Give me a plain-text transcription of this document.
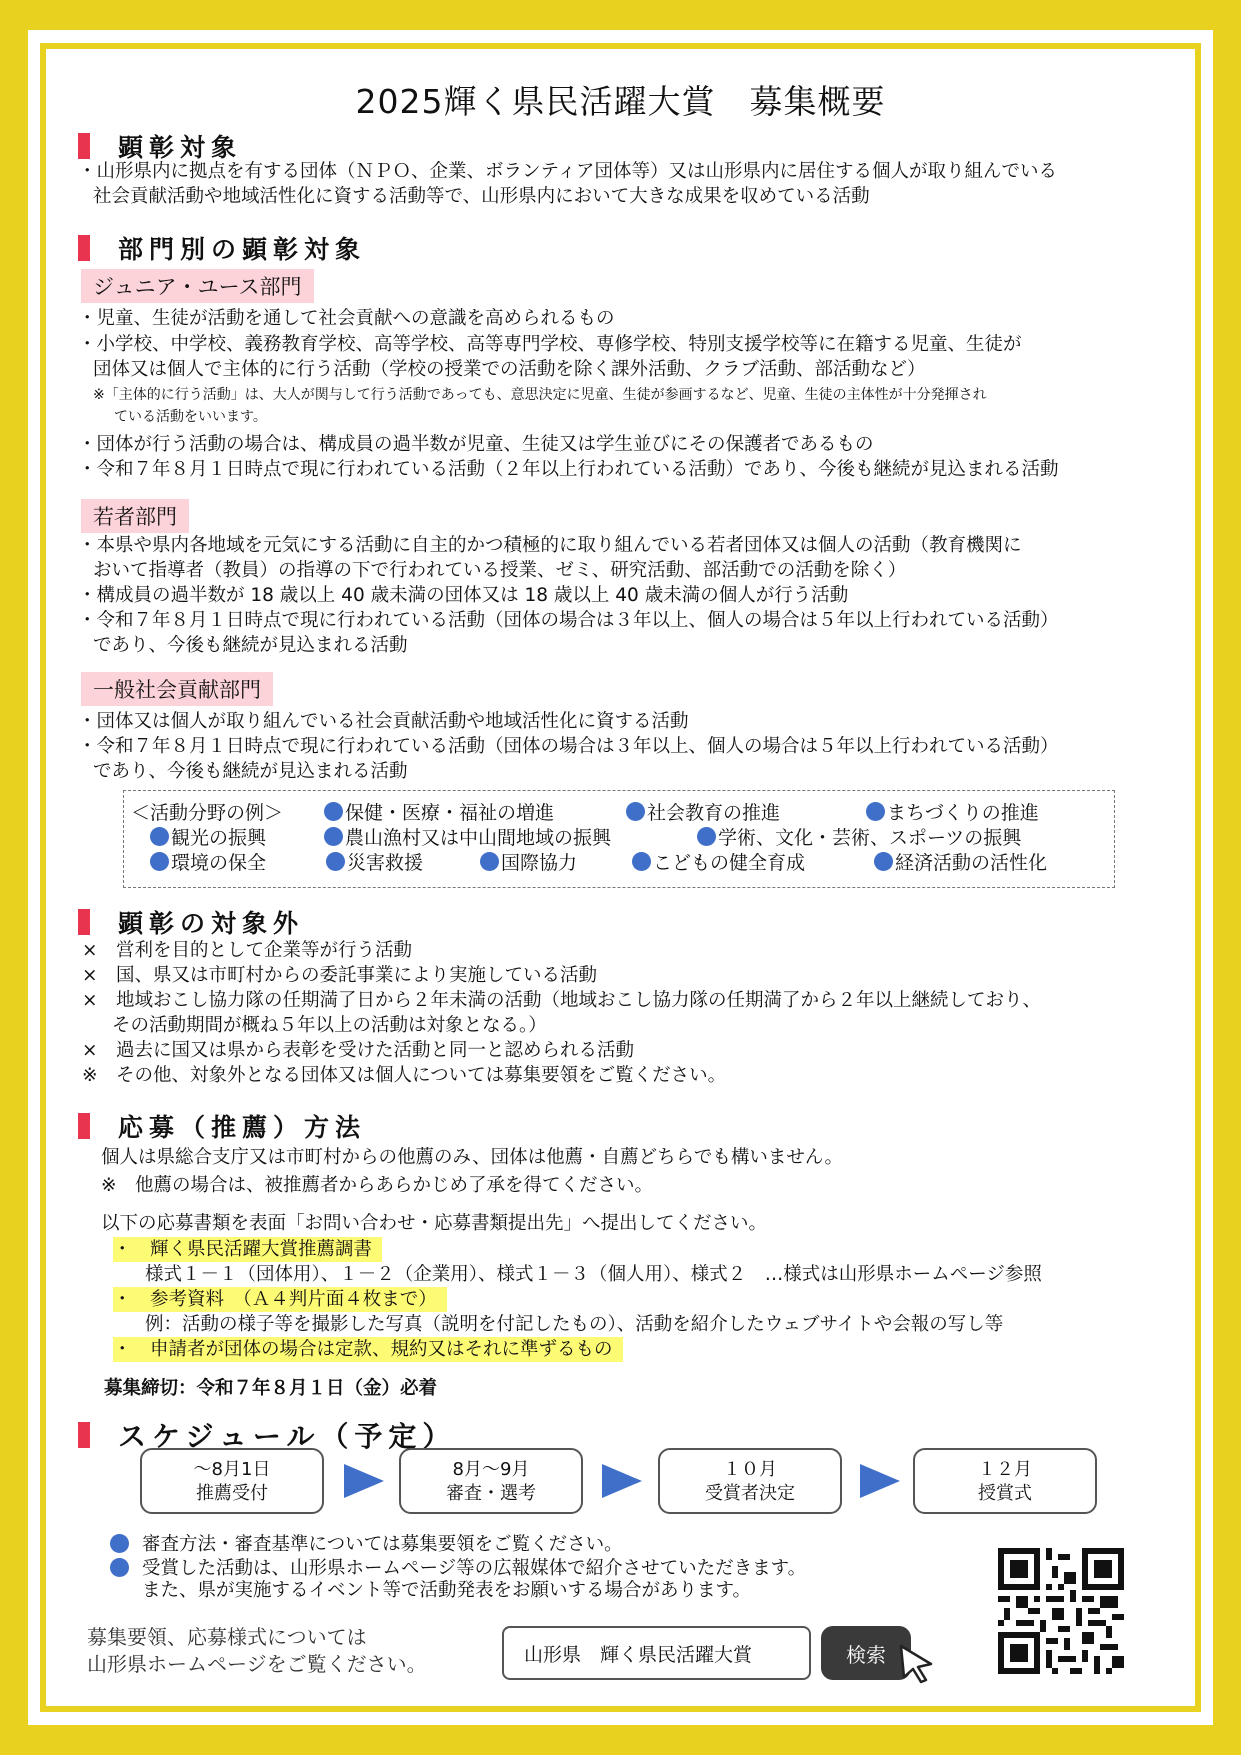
2025輝く県民活躍大賞　募集概要
顕彰対象
・山形県内に拠点を有する団体（ＮＰＯ、企業、ボランティア団体等）又は山形県内に居住する個人が取り組んでいる
社会貢献活動や地域活性化に資する活動等で、山形県内において大きな成果を収めている活動
部門別の顕彰対象
ジュニア・ユース部門
・児童、生徒が活動を通して社会貢献への意識を高められるもの
・小学校、中学校、義務教育学校、高等学校、高等専門学校、専修学校、特別支援学校等に在籍する児童、生徒が
団体又は個人で主体的に行う活動（学校の授業での活動を除く課外活動、クラブ活動、部活動など）
※「主体的に行う活動」は、大人が関与して行う活動であっても、意思決定に児童、生徒が参画するなど、児童、生徒の主体性が十分発揮され
ている活動をいいます。
・団体が行う活動の場合は、構成員の過半数が児童、生徒又は学生並びにその保護者であるもの
・令和７年８月１日時点で現に行われている活動（２年以上行われている活動）であり、今後も継続が見込まれる活動
若者部門
・本県や県内各地域を元気にする活動に自主的かつ積極的に取り組んでいる若者団体又は個人の活動（教育機関に
おいて指導者（教員）の指導の下で行われている授業、ゼミ、研究活動、部活動での活動を除く）
・構成員の過半数が 18 歳以上 40 歳未満の団体又は 18 歳以上 40 歳未満の個人が行う活動
・令和７年８月１日時点で現に行われている活動（団体の場合は３年以上、個人の場合は５年以上行われている活動）
であり、今後も継続が見込まれる活動
一般社会貢献部門
・団体又は個人が取り組んでいる社会貢献活動や地域活性化に資する活動
・令和７年８月１日時点で現に行われている活動（団体の場合は３年以上、個人の場合は５年以上行われている活動）
であり、今後も継続が見込まれる活動
＜活動分野の例＞	保健・医療・福祉の増進	社会教育の推進	まちづくりの推進
観光の振興	農山漁村又は中山間地域の振興	学術、文化・芸術、スポーツの振興
環境の保全	災害救援	国際協力	こどもの健全育成	経済活動の活性化
顕彰の対象外
×　営利を目的として企業等が行う活動
×　国、県又は市町村からの委託事業により実施している活動
×　地域おこし協力隊の任期満了日から２年未満の活動（地域おこし協力隊の任期満了から２年以上継続しており、
その活動期間が概ね５年以上の活動は対象となる。）
×　過去に国又は県から表彰を受けた活動と同一と認められる活動
※　その他、対象外となる団体又は個人については募集要領をご覧ください。
応募（推薦）方法
個人は県総合支庁又は市町村からの他薦のみ、団体は他薦・自薦どちらでも構いません。
※　他薦の場合は、被推薦者からあらかじめ了承を得てください。
以下の応募書類を表面「お問い合わせ・応募書類提出先」へ提出してください。
・　輝く県民活躍大賞推薦調書
様式１－１（団体用）、１－２（企業用）、様式１－３（個人用）、様式２　…様式は山形県ホームページ参照
・　参考資料　（Ａ４判片面４枚まで）
例：活動の様子等を撮影した写真（説明を付記したもの）、活動を紹介したウェブサイトや会報の写し等
・　申請者が団体の場合は定款、規約又はそれに準ずるもの
募集締切：令和７年８月１日（金）必着
スケジュール（予定）
～8月1日
推薦受付
8月～9月
審査・選考
１０月
受賞者決定
１２月
授賞式
審査方法・審査基準については募集要領をご覧ください。
受賞した活動は、山形県ホームページ等の広報媒体で紹介させていただきます。
また、県が実施するイベント等で活動発表をお願いする場合があります。
募集要領、応募様式については
山形県ホームページをご覧ください。	山形県　輝く県民活躍大賞	検索
